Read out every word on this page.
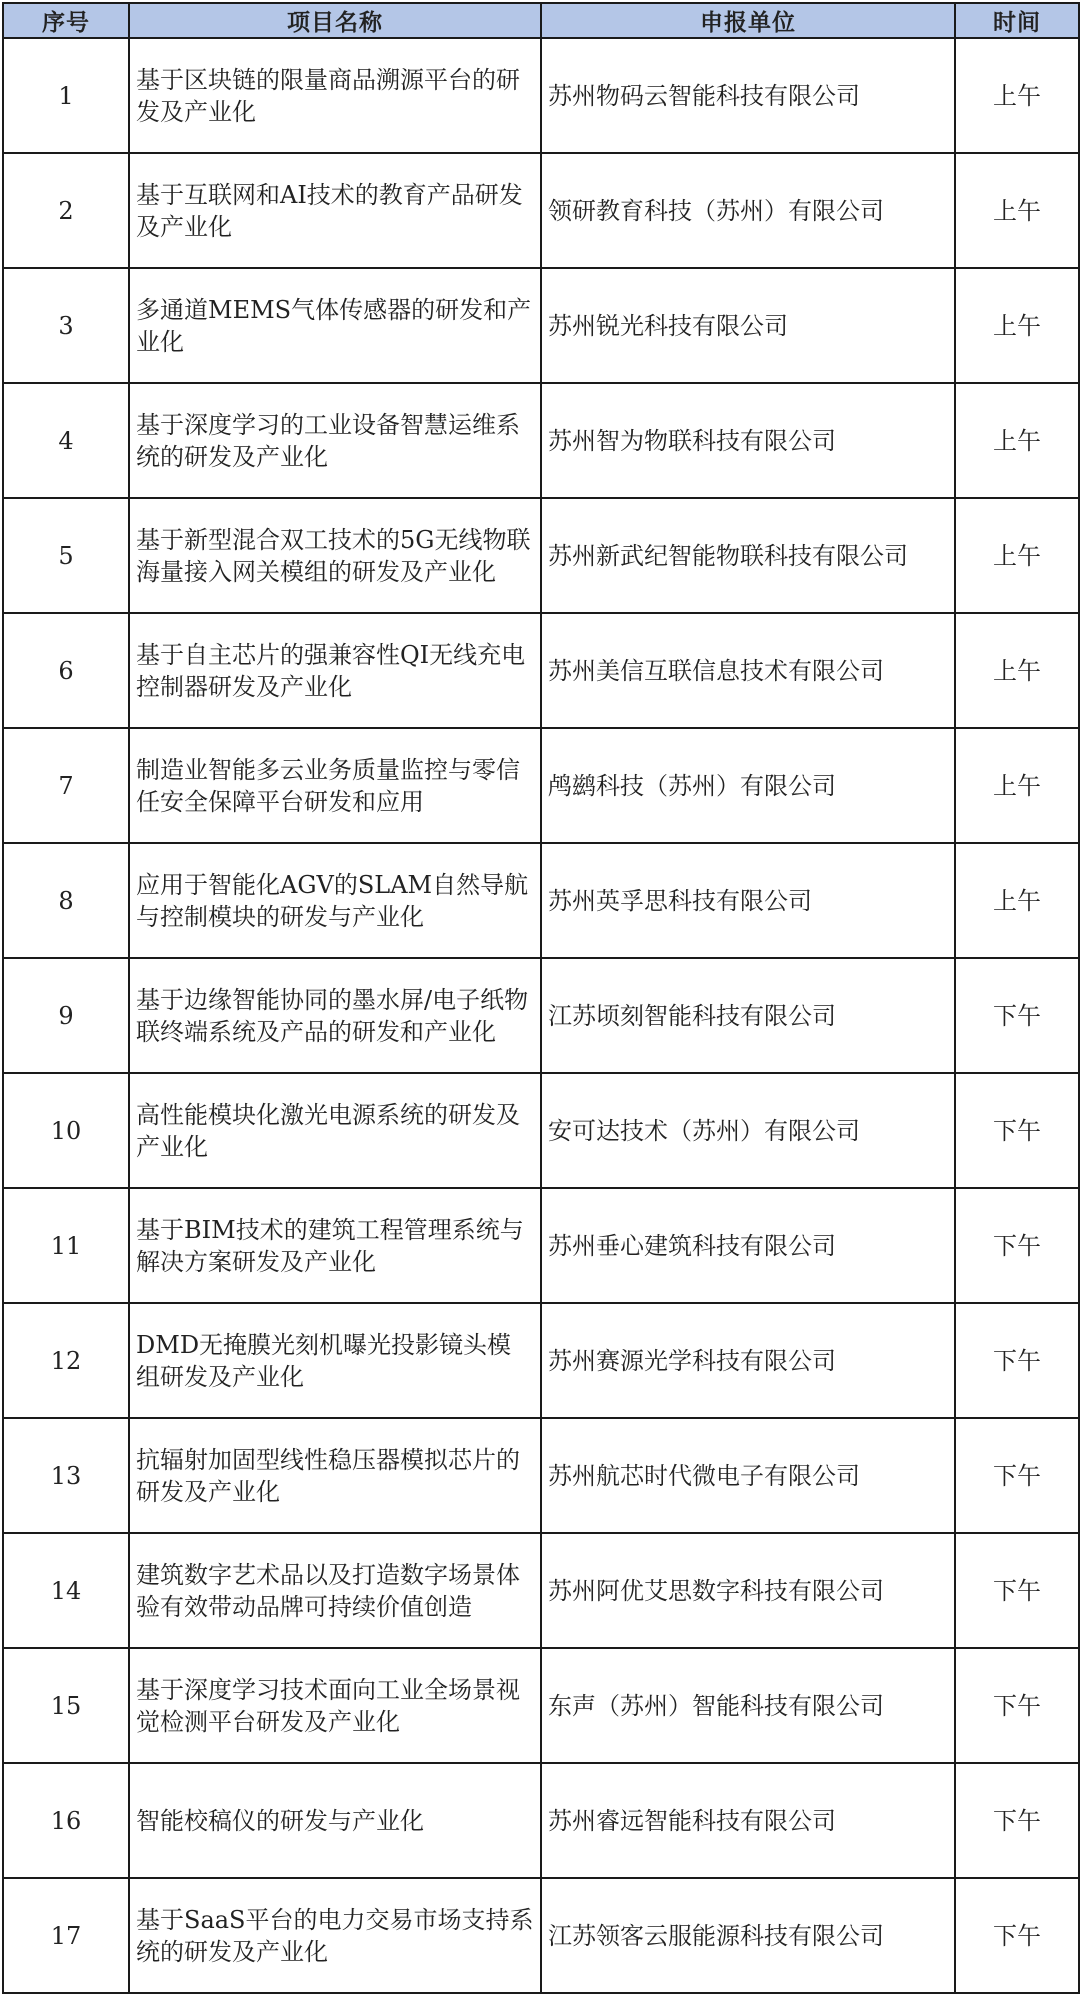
序号	项目名称	申报单位	时间
1	基于区块链的限量商品溯源平台的研发及产业化	苏州物码云智能科技有限公司	上午
2	基于互联网和AI技术的教育产品研发及产业化	领研教育科技（苏州）有限公司	上午
3	多通道MEMS气体传感器的研发和产业化	苏州锐光科技有限公司	上午
4	基于深度学习的工业设备智慧运维系统的研发及产业化	苏州智为物联科技有限公司	上午
5	基于新型混合双工技术的5G无线物联海量接入网关模组的研发及产业化	苏州新武纪智能物联科技有限公司	上午
6	基于自主芯片的强兼容性QI无线充电控制器研发及产业化	苏州美信互联信息技术有限公司	上午
7	制造业智能多云业务质量监控与零信任安全保障平台研发和应用	鸬鹚科技（苏州）有限公司	上午
8	应用于智能化AGV的SLAM自然导航与控制模块的研发与产业化	苏州英孚思科技有限公司	上午
9	基于边缘智能协同的墨水屏/电子纸物联终端系统及产品的研发和产业化	江苏顷刻智能科技有限公司	下午
10	高性能模块化激光电源系统的研发及产业化	安可达技术（苏州）有限公司	下午
11	基于BIM技术的建筑工程管理系统与解决方案研发及产业化	苏州垂心建筑科技有限公司	下午
12	DMD无掩膜光刻机曝光投影镜头模组研发及产业化	苏州赛源光学科技有限公司	下午
13	抗辐射加固型线性稳压器模拟芯片的研发及产业化	苏州航芯时代微电子有限公司	下午
14	建筑数字艺术品以及打造数字场景体验有效带动品牌可持续价值创造	苏州阿优艾思数字科技有限公司	下午
15	基于深度学习技术面向工业全场景视觉检测平台研发及产业化	东声（苏州）智能科技有限公司	下午
16	智能校稿仪的研发与产业化	苏州睿远智能科技有限公司	下午
17	基于SaaS平台的电力交易市场支持系统的研发及产业化	江苏领客云服能源科技有限公司	下午
